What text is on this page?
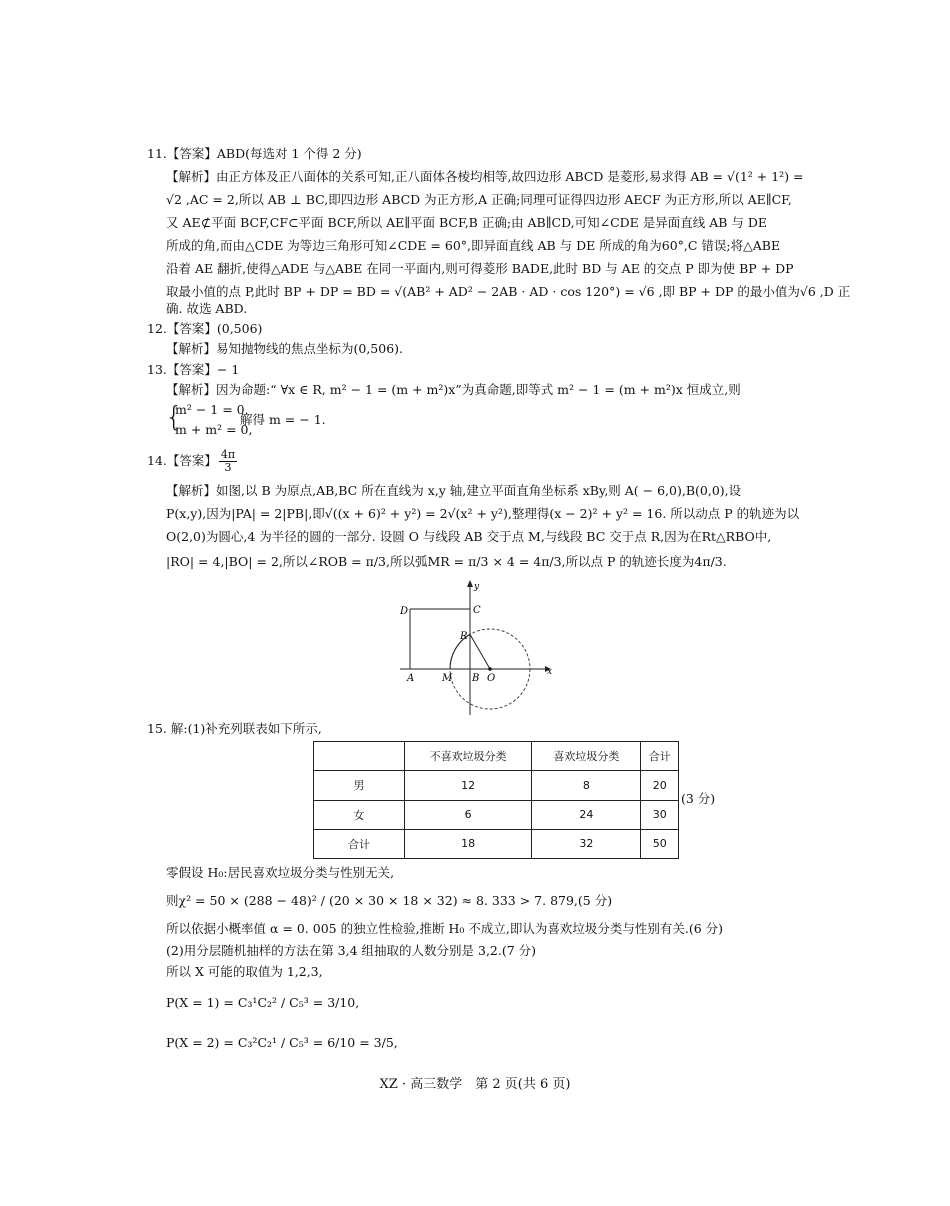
11.【答案】ABD(每选对 1 个得 2 分)
【解析】由正方体及正八面体的关系可知,正八面体各棱均相等,故四边形 ABCD 是菱形,易求得 AB = √(1² + 1²) =
√2 ,AC = 2,所以 AB ⊥ BC,即四边形 ABCD 为正方形,A 正确;同理可证得四边形 AECF 为正方形,所以 AE∥CF,
又 AE⊄平面 BCF,CF⊂平面 BCF,所以 AE∥平面 BCF,B 正确;由 AB∥CD,可知∠CDE 是异面直线 AB 与 DE
所成的角,而由△CDE 为等边三角形可知∠CDE = 60°,即异面直线 AB 与 DE 所成的角为60°,C 错误;将△ABE
沿着 AE 翻折,使得△ADE 与△ABE 在同一平面内,则可得菱形 BADE,此时 BD 与 AE 的交点 P 即为使 BP + DP
取最小值的点 P,此时 BP + DP = BD = √(AB² + AD² − 2AB · AD · cos 120°) = √6 ,即 BP + DP 的最小值为√6 ,D 正
确. 故选 ABD.
12.【答案】(0,506)
【解析】易知抛物线的焦点坐标为(0,506).
13.【答案】− 1
【解析】因为命题:“ ∀x ∈ R, m² − 1 = (m + m²)x”为真命题,即等式 m² − 1 = (m + m²)x 恒成立,则
{
m² − 1 = 0,
m + m² = 0,
解得 m = − 1.
14.【答案】 $\frac{4\pi}{3}$
【解析】如图,以 B 为原点,AB,BC 所在直线为 x,y 轴,建立平面直角坐标系 xBy,则 A( − 6,0),B(0,0),设
P(x,y),因为|PA| = 2|PB|,即√((x + 6)² + y²) = 2√(x² + y²),整理得(x − 2)² + y² = 16. 所以动点 P 的轨迹为以
O(2,0)为圆心,4 为半径的圆的一部分. 设圆 O 与线段 AB 交于点 M,与线段 BC 交于点 R,因为在Rt△RBO中,
|RO| = 4,|BO| = 2,所以∠ROB = π/3,所以弧MR = π/3 × 4 = 4π/3,所以点 P 的轨迹长度为4π/3.
D	C
R
A	M B O
x
y
15. 解:(1)补充列联表如下所示,
	不喜欢垃圾分类	喜欢垃圾分类	合计
男	12	8	20
女	6	24	30
合计	18	32	50
(3 分)
零假设 H₀:居民喜欢垃圾分类与性别无关,
则χ² = 50 × (288 − 48)² / (20 × 30 × 18 × 32) ≈ 8. 333 > 7. 879,(5 分)
所以依据小概率值 α = 0. 005 的独立性检验,推断 H₀ 不成立,即认为喜欢垃圾分类与性别有关.(6 分)
(2)用分层随机抽样的方法在第 3,4 组抽取的人数分别是 3,2.(7 分)
所以 X 可能的取值为 1,2,3,
P(X = 1) = C₃¹C₂² / C₅³ = 3/10,
P(X = 2) = C₃²C₂¹ / C₅³ = 6/10 = 3/5,
XZ · 高三数学　第 2 页(共 6 页)
